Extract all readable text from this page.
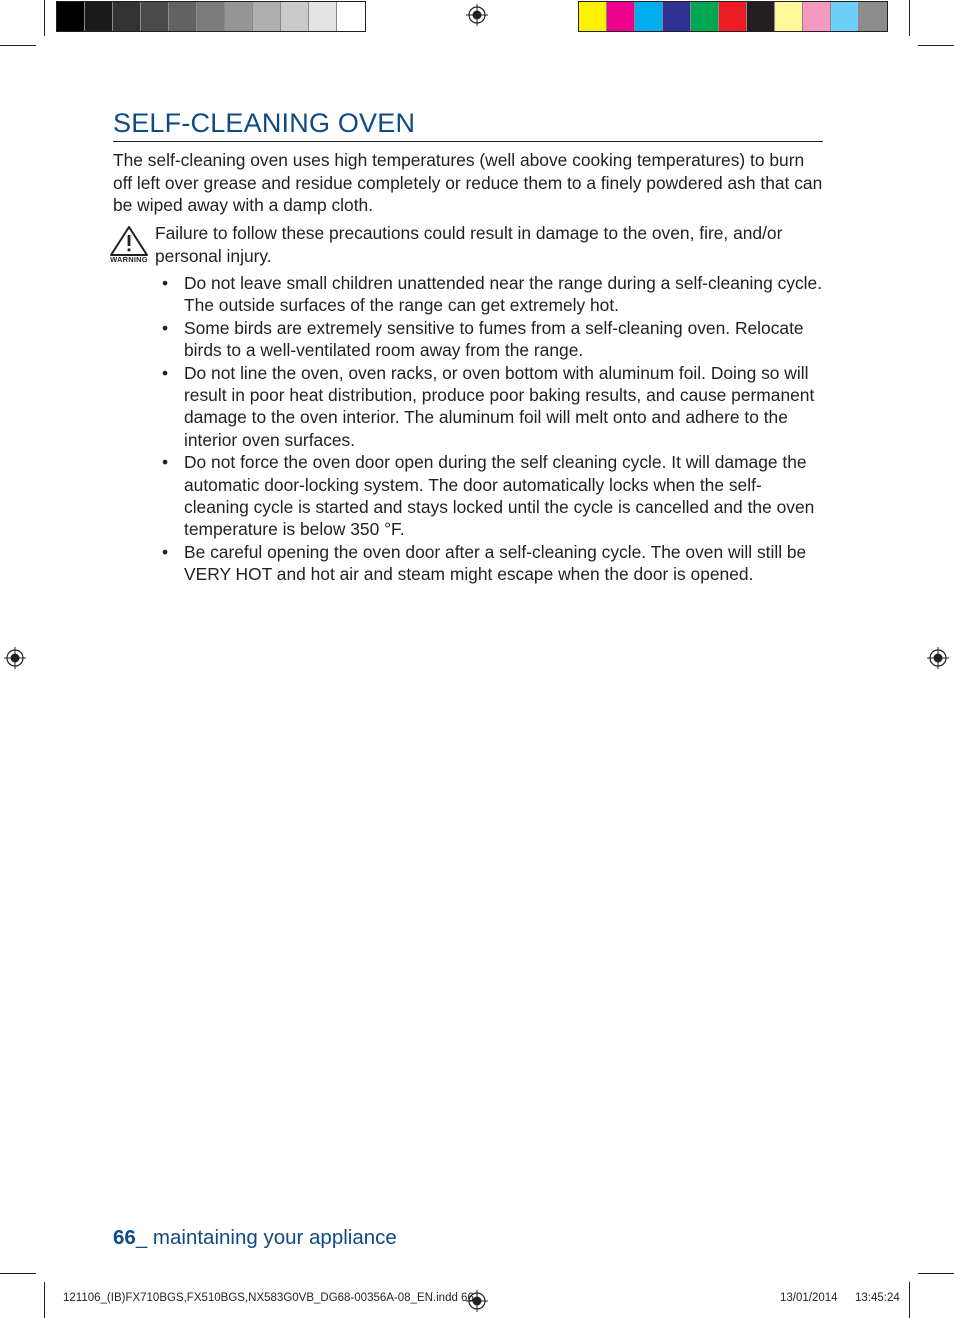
SELF-CLEANING OVEN

The self-cleaning oven uses high temperatures (well above cooking temperatures) to burn off left over grease and residue completely or reduce them to a finely powdered ash that can be wiped away with a damp cloth.

WARNING

Failure to follow these precautions could result in damage to the oven, fire, and/or personal injury.

• Do not leave small children unattended near the range during a self-cleaning cycle. The outside surfaces of the range can get extremely hot.
• Some birds are extremely sensitive to fumes from a self-cleaning oven. Relocate birds to a well-ventilated room away from the range.
• Do not line the oven, oven racks, or oven bottom with aluminum foil. Doing so will result in poor heat distribution, produce poor baking results, and cause permanent damage to the oven interior. The aluminum foil will melt onto and adhere to the interior oven surfaces.
• Do not force the oven door open during the self cleaning cycle. It will damage the automatic door-locking system. The door automatically locks when the self-cleaning cycle is started and stays locked until the cycle is cancelled and the oven temperature is below 350 °F.
• Be careful opening the oven door after a self-cleaning cycle. The oven will still be VERY HOT and hot air and steam might escape when the door is opened.
66_ maintaining your appliance
121106_(IB)FX710BGS,FX510BGS,NX583G0VB_DG68-00356A-08_EN.indd 66	13/01/2014 13:45:24
